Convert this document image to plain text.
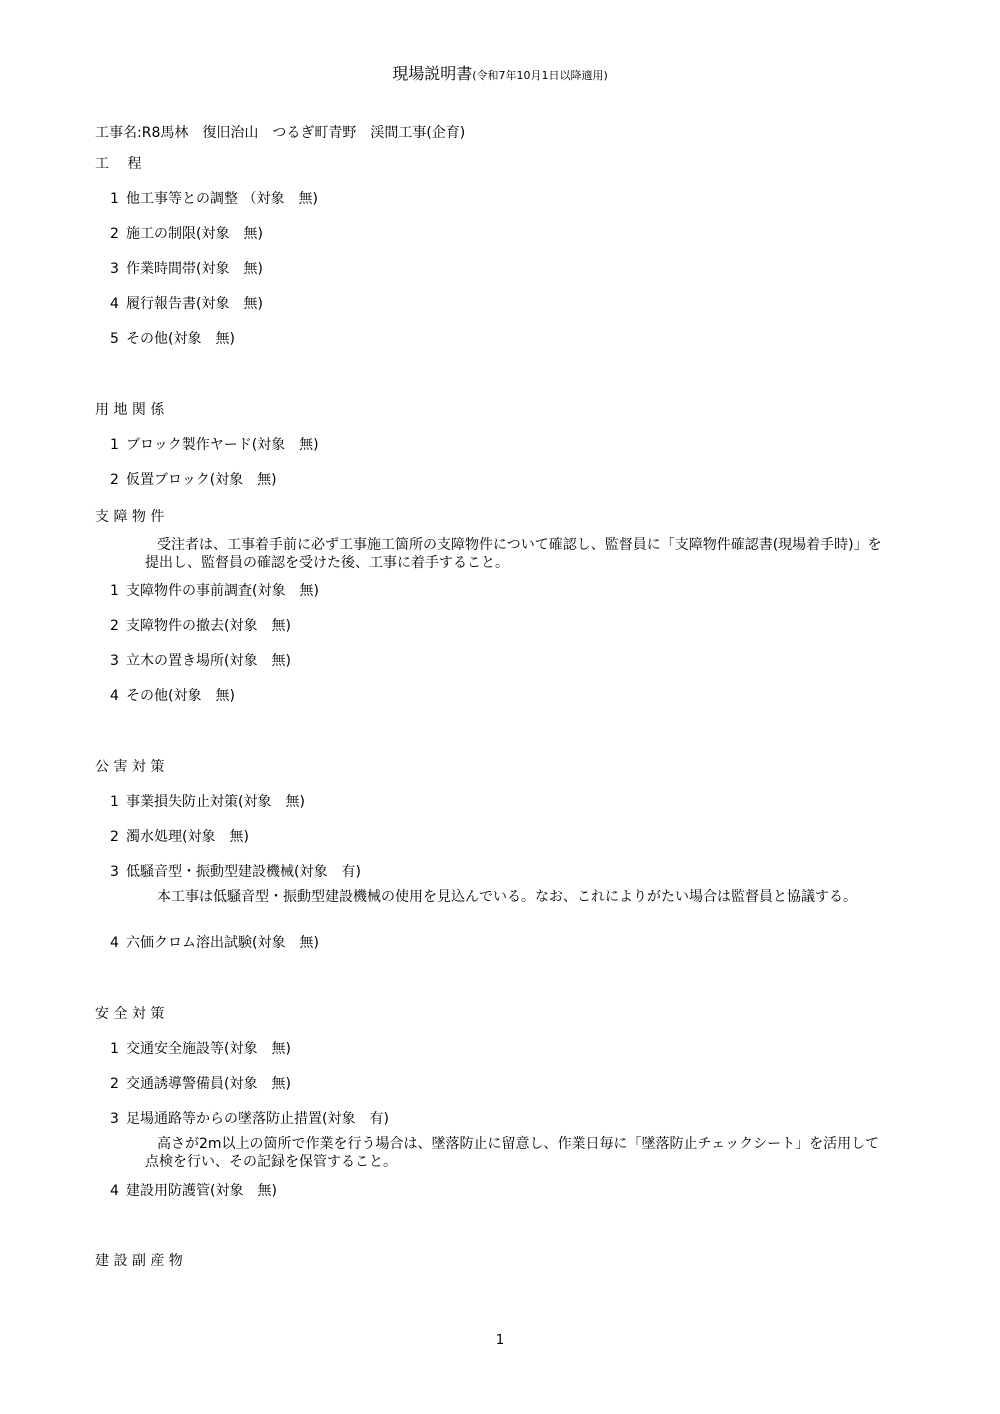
現場説明書(令和7年10月1日以降適用)
工事名:R8馬林　復旧治山　つるぎ町青野　渓間工事(企育)
工　 程
1 他工事等との調整 （対象　無)
2 施工の制限(対象　無)
3 作業時間帯(対象　無)
4 履行報告書(対象　無)
5 その他(対象　無)
用 地 関 係
1 ブロック製作ヤード(対象　無)
2 仮置ブロック(対象　無)
支 障 物 件
受注者は、工事着手前に必ず工事施工箇所の支障物件について確認し、監督員に「支障物件確認書(現場着手時)」を提出し、監督員の確認を受けた後、工事に着手すること。
1 支障物件の事前調査(対象　無)
2 支障物件の撤去(対象　無)
3 立木の置き場所(対象　無)
4 その他(対象　無)
公 害 対 策
1 事業損失防止対策(対象　無)
2 濁水処理(対象　無)
3 低騒音型・振動型建設機械(対象　有)
本工事は低騒音型・振動型建設機械の使用を見込んでいる。なお、これによりがたい場合は監督員と協議する。
4 六価クロム溶出試験(対象　無)
安 全 対 策
1 交通安全施設等(対象　無)
2 交通誘導警備員(対象　無)
3 足場通路等からの墜落防止措置(対象　有)
高さが2m以上の箇所で作業を行う場合は、墜落防止に留意し、作業日毎に「墜落防止チェックシート」を活用して点検を行い、その記録を保管すること。
4 建設用防護管(対象　無)
建 設 副 産 物
1
